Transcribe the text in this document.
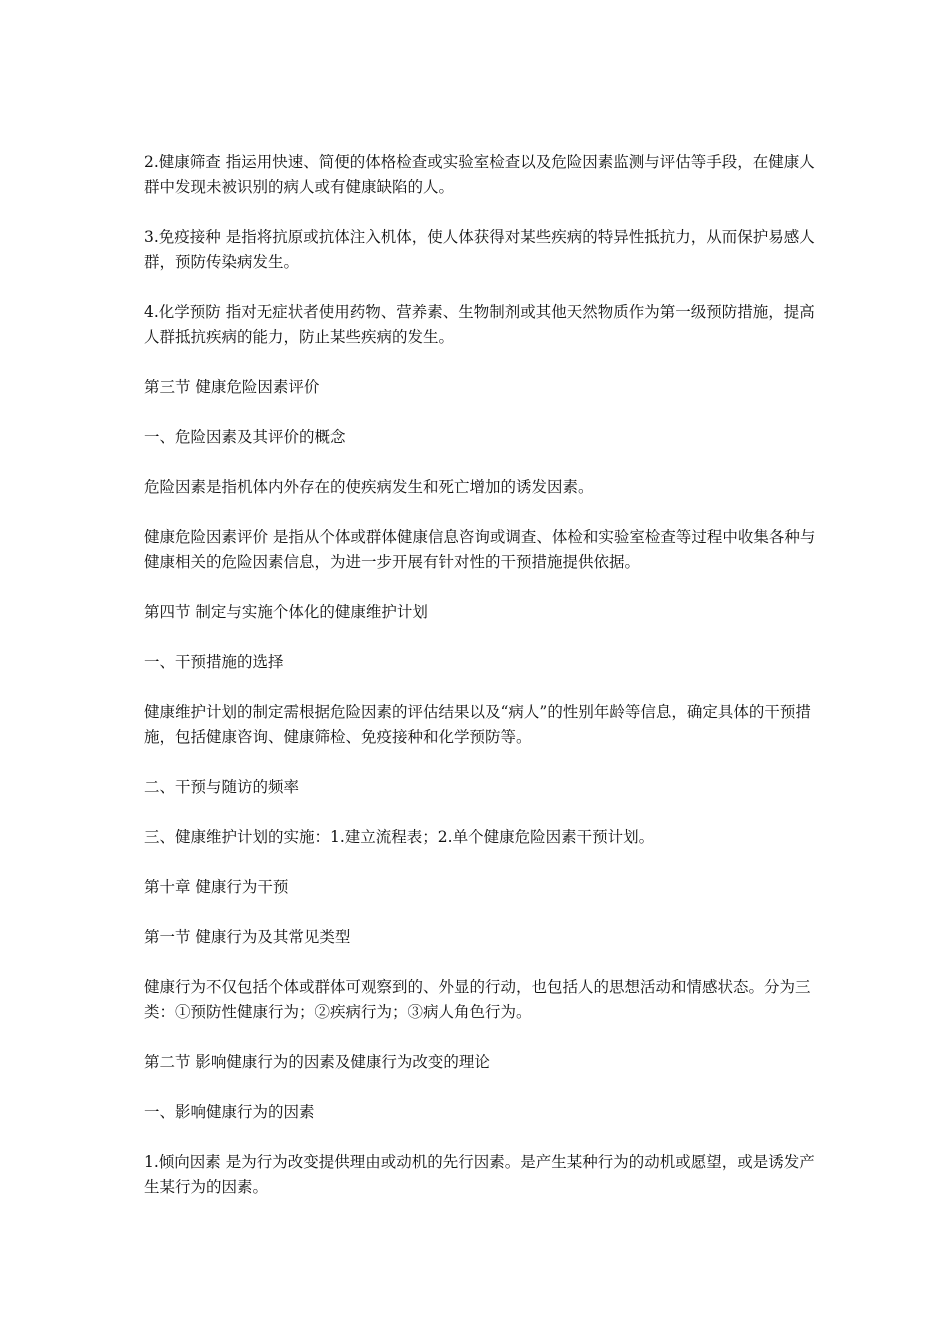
2.健康筛查 指运用快速、简便的体格检查或实验室检查以及危险因素监测与评估等手段，在健康人群中发现未被识别的病人或有健康缺陷的人。

3.免疫接种 是指将抗原或抗体注入机体，使人体获得对某些疾病的特异性抵抗力，从而保护易感人群，预防传染病发生。

4.化学预防 指对无症状者使用药物、营养素、生物制剂或其他天然物质作为第一级预防措施，提高人群抵抗疾病的能力，防止某些疾病的发生。

第三节 健康危险因素评价

一、危险因素及其评价的概念

危险因素是指机体内外存在的使疾病发生和死亡增加的诱发因素。

健康危险因素评价 是指从个体或群体健康信息咨询或调查、体检和实验室检查等过程中收集各种与健康相关的危险因素信息，为进一步开展有针对性的干预措施提供依据。

第四节 制定与实施个体化的健康维护计划

一、干预措施的选择

健康维护计划的制定需根据危险因素的评估结果以及“病人”的性别年龄等信息，确定具体的干预措施，包括健康咨询、健康筛检、免疫接种和化学预防等。

二、干预与随访的频率

三、健康维护计划的实施：1.建立流程表；2.单个健康危险因素干预计划。

第十章 健康行为干预

第一节 健康行为及其常见类型

健康行为不仅包括个体或群体可观察到的、外显的行动，也包括人的思想活动和情感状态。分为三类：①预防性健康行为；②疾病行为；③病人角色行为。

第二节 影响健康行为的因素及健康行为改变的理论

一、影响健康行为的因素

1.倾向因素 是为行为改变提供理由或动机的先行因素。是产生某种行为的动机或愿望，或是诱发产生某行为的因素。
